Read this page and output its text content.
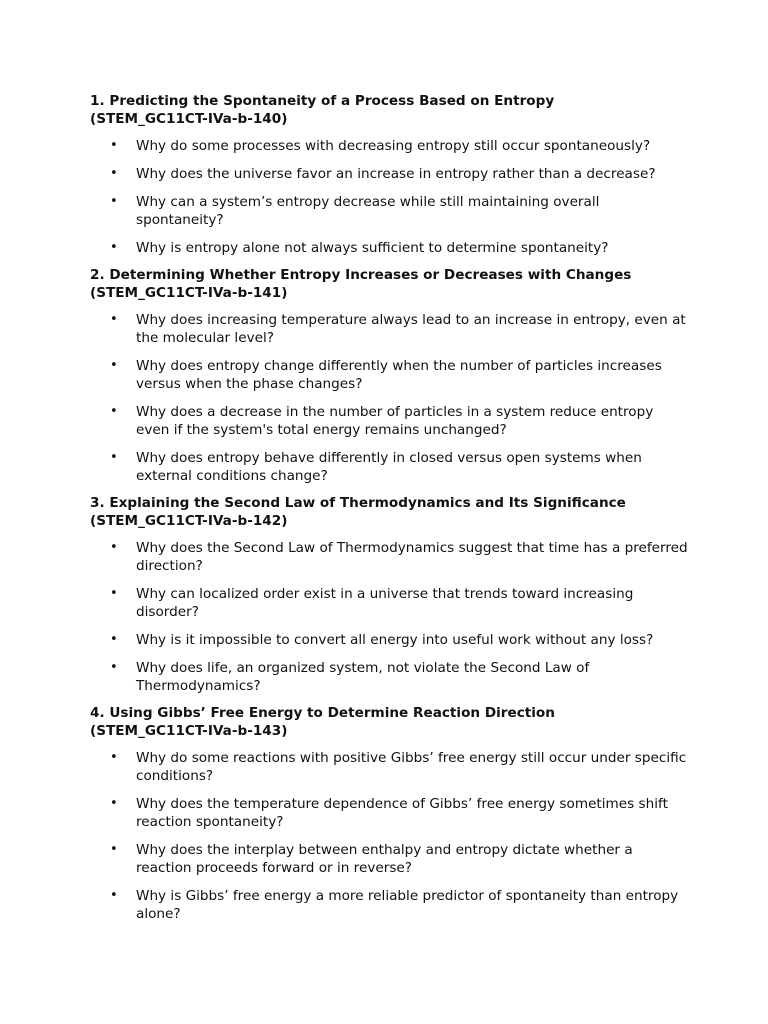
1. Predicting the Spontaneity of a Process Based on Entropy
(STEM_GC11CT-IVa-b-140)
• Why do some processes with decreasing entropy still occur spontaneously?
• Why does the universe favor an increase in entropy rather than a decrease?
• Why can a system’s entropy decrease while still maintaining overall spontaneity?
• Why is entropy alone not always sufficient to determine spontaneity?
2. Determining Whether Entropy Increases or Decreases with Changes
(STEM_GC11CT-IVa-b-141)
• Why does increasing temperature always lead to an increase in entropy, even at the molecular level?
• Why does entropy change differently when the number of particles increases versus when the phase changes?
• Why does a decrease in the number of particles in a system reduce entropy even if the system's total energy remains unchanged?
• Why does entropy behave differently in closed versus open systems when external conditions change?
3. Explaining the Second Law of Thermodynamics and Its Significance
(STEM_GC11CT-IVa-b-142)
• Why does the Second Law of Thermodynamics suggest that time has a preferred direction?
• Why can localized order exist in a universe that trends toward increasing disorder?
• Why is it impossible to convert all energy into useful work without any loss?
• Why does life, an organized system, not violate the Second Law of Thermodynamics?
4. Using Gibbs’ Free Energy to Determine Reaction Direction
(STEM_GC11CT-IVa-b-143)
• Why do some reactions with positive Gibbs’ free energy still occur under specific conditions?
• Why does the temperature dependence of Gibbs’ free energy sometimes shift reaction spontaneity?
• Why does the interplay between enthalpy and entropy dictate whether a reaction proceeds forward or in reverse?
• Why is Gibbs’ free energy a more reliable predictor of spontaneity than entropy alone?
